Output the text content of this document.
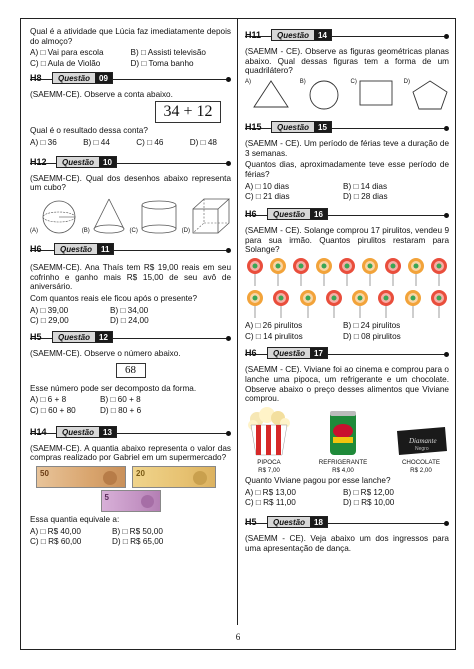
Qual é a atividade que Lúcia faz imediatamente depois do almoço?

A) □ Vai para escola	B) □ Assisti televisão
C) □ Aula de Violão	D) □ Toma banho
H8	Questão	09

(SAEMM-CE). Observe a conta abaixo.

34 + 12

Qual é o resultado dessa conta?

A) □ 36	B) □ 44	C) □ 46	D) □ 48
H12	Questão	10

(SAEMM-CE). Qual dos desenhos abaixo representa um cubo?

(A)	(B)	(C)	(D)
H6	Questão	11

(SAEMM-CE). Ana Thaís tem R$ 19,00 reais em seu cofrinho e ganho mais R$ 15,00 de seu avô de aniversário.

Com quantos reais ele ficou após o presente?

A) □ 39,00	B) □ 34,00
C) □ 29,00	D) □ 24,00
H5	Questão	12

(SAEMM-CE). Observe o número abaixo.

68

Esse número pode ser decomposto da forma.

A) □ 6 + 8	B) □ 60 + 8
C) □ 60 + 80	D) □ 80 + 6
H14	Questão	13

(SAEMM-CE). A quantia abaixo representa o valor das compras realizado por Gabriel em um supermercado?

50	20
5

Essa quantia equivale a:

A) □ R$ 40,00	B) □ R$ 50,00
C) □ R$ 60,00	D) □ R$ 65,00
H11	Questão	14

(SAEMM - CE). Observe as figuras geométricas planas abaixo. Qual dessas figuras tem a forma de um quadrilátero?

A)	B)	C)	D)
H15	Questão	15

(SAEMM - CE). Um período de férias teve a duração de 3 semanas.

Quantos dias, aproximadamente teve esse período de férias?

A) □ 10 dias	B) □ 14 dias
C) □ 21 dias	D) □ 28 dias
H6	Questão	16

(SAEMM - CE). Solange comprou 17 pirulitos, vendeu 9 para sua irmão. Quantos pirulitos restaram para Solange?

A) □ 26 pirulitos	B) □ 24 pirulitos
C) □ 14 pirulitos	D) □ 08 pirulitos
H6	Questão	17

(SAEMM - CE). Viviane foi ao cinema e comprou para o lanche uma pipoca, um refrigerante e um chocolate. Observe abaixo o preço desses alimentos que Viviane comprou.

PIPOCA
R$ 7,00
REFRIGERANTE
R$ 4,00
Diamante
Negro
CHOCOLATE
R$ 2,00

Quanto Viviane pagou por esse lanche?

A) □ R$ 13,00	B) □ R$ 12,00
C) □ R$ 11,00	D) □ R$ 10,00
H5	Questão	18

(SAEMM - CE). Veja abaixo um dos ingressos para uma apresentação de dança.

6
